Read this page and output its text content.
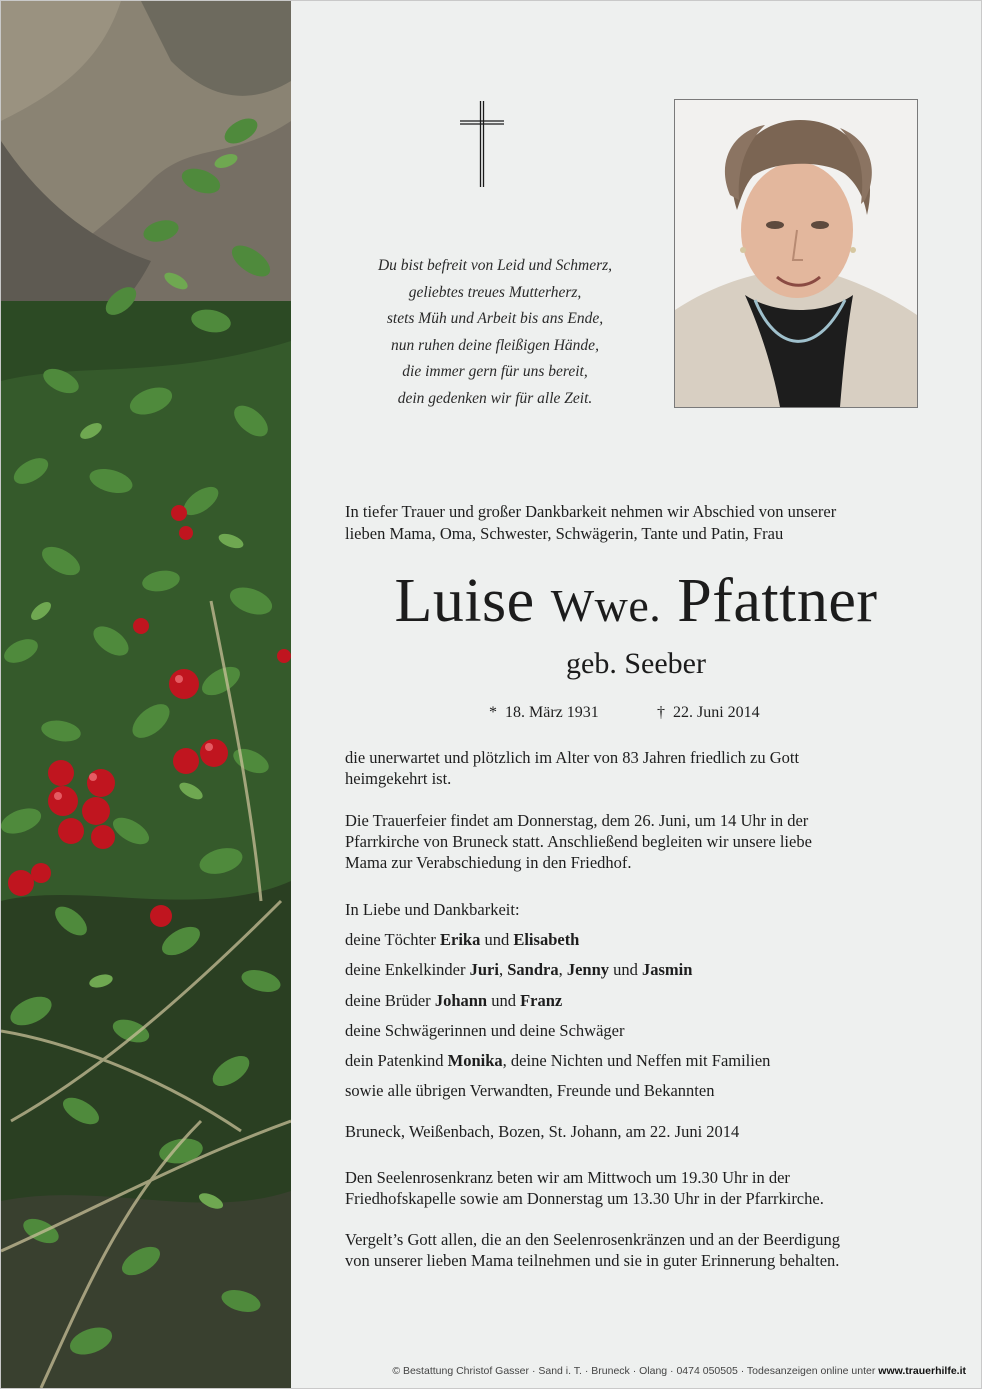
Du bist befreit von Leid und Schmerz,
geliebtes treues Mutterherz,
stets Müh und Arbeit bis ans Ende,
nun ruhen deine fleißigen Hände,
die immer gern für uns bereit,
dein gedenken wir für alle Zeit.
In tiefer Trauer und großer Dankbarkeit nehmen wir Abschied von unserer
lieben Mama, Oma, Schwester, Schwägerin, Tante und Patin, Frau
Luise Wwe. Pfattner
geb. Seeber
* 18. März 1931	† 22. Juni 2014
die unerwartet und plötzlich im Alter von 83 Jahren friedlich zu Gott
heimgekehrt ist.
Die Trauerfeier findet am Donnerstag, dem 26. Juni, um 14 Uhr in der
Pfarrkirche von Bruneck statt. Anschließend begleiten wir unsere liebe
Mama zur Verabschiedung in den Friedhof.
In Liebe und Dankbarkeit:
deine Töchter Erika und Elisabeth
deine Enkelkinder Juri, Sandra, Jenny und Jasmin
deine Brüder Johann und Franz
deine Schwägerinnen und deine Schwäger
dein Patenkind Monika, deine Nichten und Neffen mit Familien
sowie alle übrigen Verwandten, Freunde und Bekannten
Bruneck, Weißenbach, Bozen, St. Johann, am 22. Juni 2014
Den Seelenrosenkranz beten wir am Mittwoch um 19.30 Uhr in der
Friedhofskapelle sowie am Donnerstag um 13.30 Uhr in der Pfarrkirche.
Vergelt’s Gott allen, die an den Seelenrosenkränzen und an der Beerdigung
von unserer lieben Mama teilnehmen und sie in guter Erinnerung behalten.
© Bestattung Christof Gasser · Sand i. T. · Bruneck · Olang · 0474 050505 · Todesanzeigen online unter www.trauerhilfe.it
